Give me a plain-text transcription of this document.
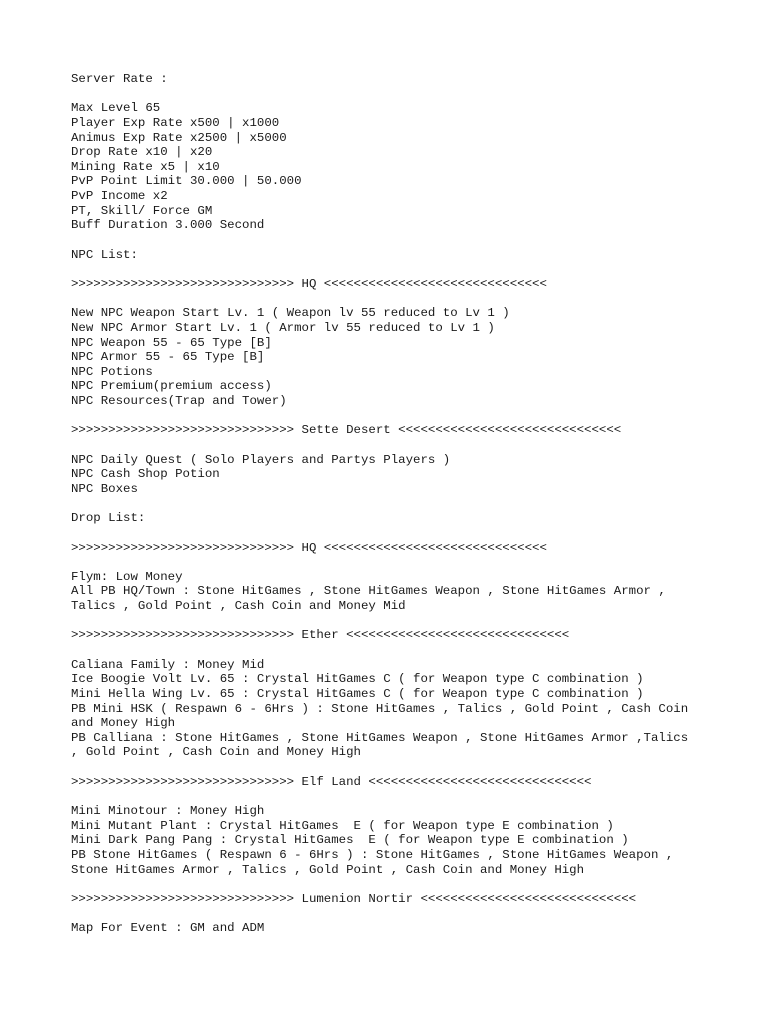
Server Rate :
Max Level 65
Player Exp Rate x500 | x1000
Animus Exp Rate x2500 | x5000
Drop Rate x10 | x20
Mining Rate x5 | x10
PvP Point Limit 30.000 | 50.000
PvP Income x2
PT, Skill/ Force GM
Buff Duration 3.000 Second
NPC List:
>>>>>>>>>>>>>>>>>>>>>>>>>>>>>> HQ <<<<<<<<<<<<<<<<<<<<<<<<<<<<<<
New NPC Weapon Start Lv. 1 ( Weapon lv 55 reduced to Lv 1 )
New NPC Armor Start Lv. 1 ( Armor lv 55 reduced to Lv 1 )
NPC Weapon 55 - 65 Type [B]
NPC Armor 55 - 65 Type [B]
NPC Potions
NPC Premium(premium access)
NPC Resources(Trap and Tower)
>>>>>>>>>>>>>>>>>>>>>>>>>>>>>> Sette Desert <<<<<<<<<<<<<<<<<<<<<<<<<<<<<<
NPC Daily Quest ( Solo Players and Partys Players )
NPC Cash Shop Potion
NPC Boxes
Drop List:
>>>>>>>>>>>>>>>>>>>>>>>>>>>>>> HQ <<<<<<<<<<<<<<<<<<<<<<<<<<<<<<
Flym: Low Money
All PB HQ/Town : Stone HitGames , Stone HitGames Weapon , Stone HitGames Armor ,
Talics , Gold Point , Cash Coin and Money Mid
>>>>>>>>>>>>>>>>>>>>>>>>>>>>>> Ether <<<<<<<<<<<<<<<<<<<<<<<<<<<<<<
Caliana Family : Money Mid
Ice Boogie Volt Lv. 65 : Crystal HitGames C ( for Weapon type C combination )
Mini Hella Wing Lv. 65 : Crystal HitGames C ( for Weapon type C combination )
PB Mini HSK ( Respawn 6 - 6Hrs ) : Stone HitGames , Talics , Gold Point , Cash Coin
and Money High
PB Calliana : Stone HitGames , Stone HitGames Weapon , Stone HitGames Armor ,Talics
, Gold Point , Cash Coin and Money High
>>>>>>>>>>>>>>>>>>>>>>>>>>>>>> Elf Land <<<<<<<<<<<<<<<<<<<<<<<<<<<<<<
Mini Minotour : Money High
Mini Mutant Plant : Crystal HitGames  E ( for Weapon type E combination )
Mini Dark Pang Pang : Crystal HitGames  E ( for Weapon type E combination )
PB Stone HitGames ( Respawn 6 - 6Hrs ) : Stone HitGames , Stone HitGames Weapon ,
Stone HitGames Armor , Talics , Gold Point , Cash Coin and Money High
>>>>>>>>>>>>>>>>>>>>>>>>>>>>>> Lumenion Nortir <<<<<<<<<<<<<<<<<<<<<<<<<<<<<
Map For Event : GM and ADM
